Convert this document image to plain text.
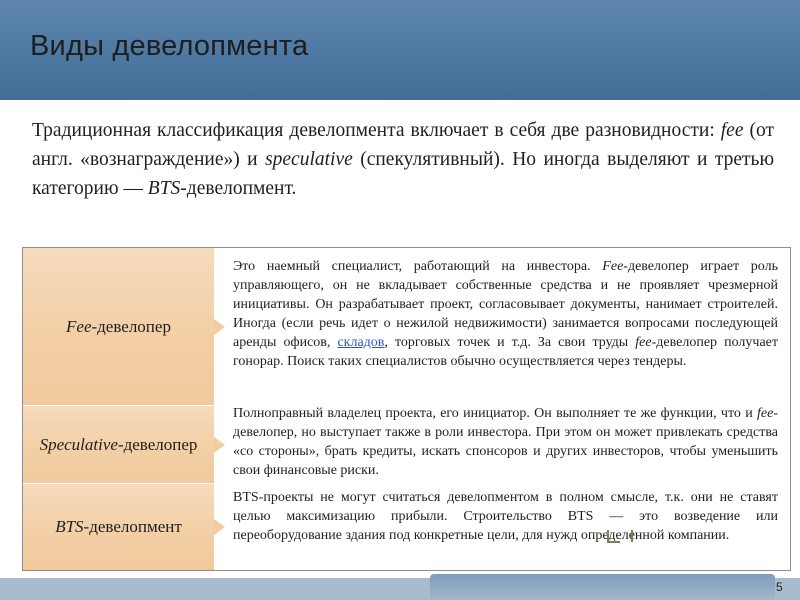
Виды девелопмента

Традиционная классификация девелопмента включает в себя две разновидности: fee (от англ. «вознаграждение») и speculative (спекулятивный). Но иногда выделяют и третью категорию — BTS-девелопмент.

Fee -девелопер
Это наемный специалист, работающий на инвестора. Fee-девелопер играет роль управляющего, он не вкладывает собственные средства и не проявляет чрезмерной инициативы. Он разрабатывает проект, согласовывает документы, нанимает строителей. Иногда (если речь идет о нежилой недвижимости) занимается вопросами последующей аренды офисов, складов, торговых точек и т.д. За свои труды fee-девелопер получает гонорар. Поиск таких специалистов обычно осуществляется через тендеры.
Speculative -девелопер
Полноправный владелец проекта, его инициатор. Он выполняет те же функции, что и fee-девелопер, но выступает также в роли инвестора. При этом он может привлекать средства «со стороны», брать кредиты, искать спонсоров и других инвесторов, чтобы уменьшить свои финансовые риски.
BTS -девелопмент
BTS-проекты не могут считаться девелопментом в полном смысле, т.к. они не ставят целью максимизацию прибыли. Строительство BTS — это возведение или переоборудование здания под конкретные цели, для нужд определенной компании.
5
